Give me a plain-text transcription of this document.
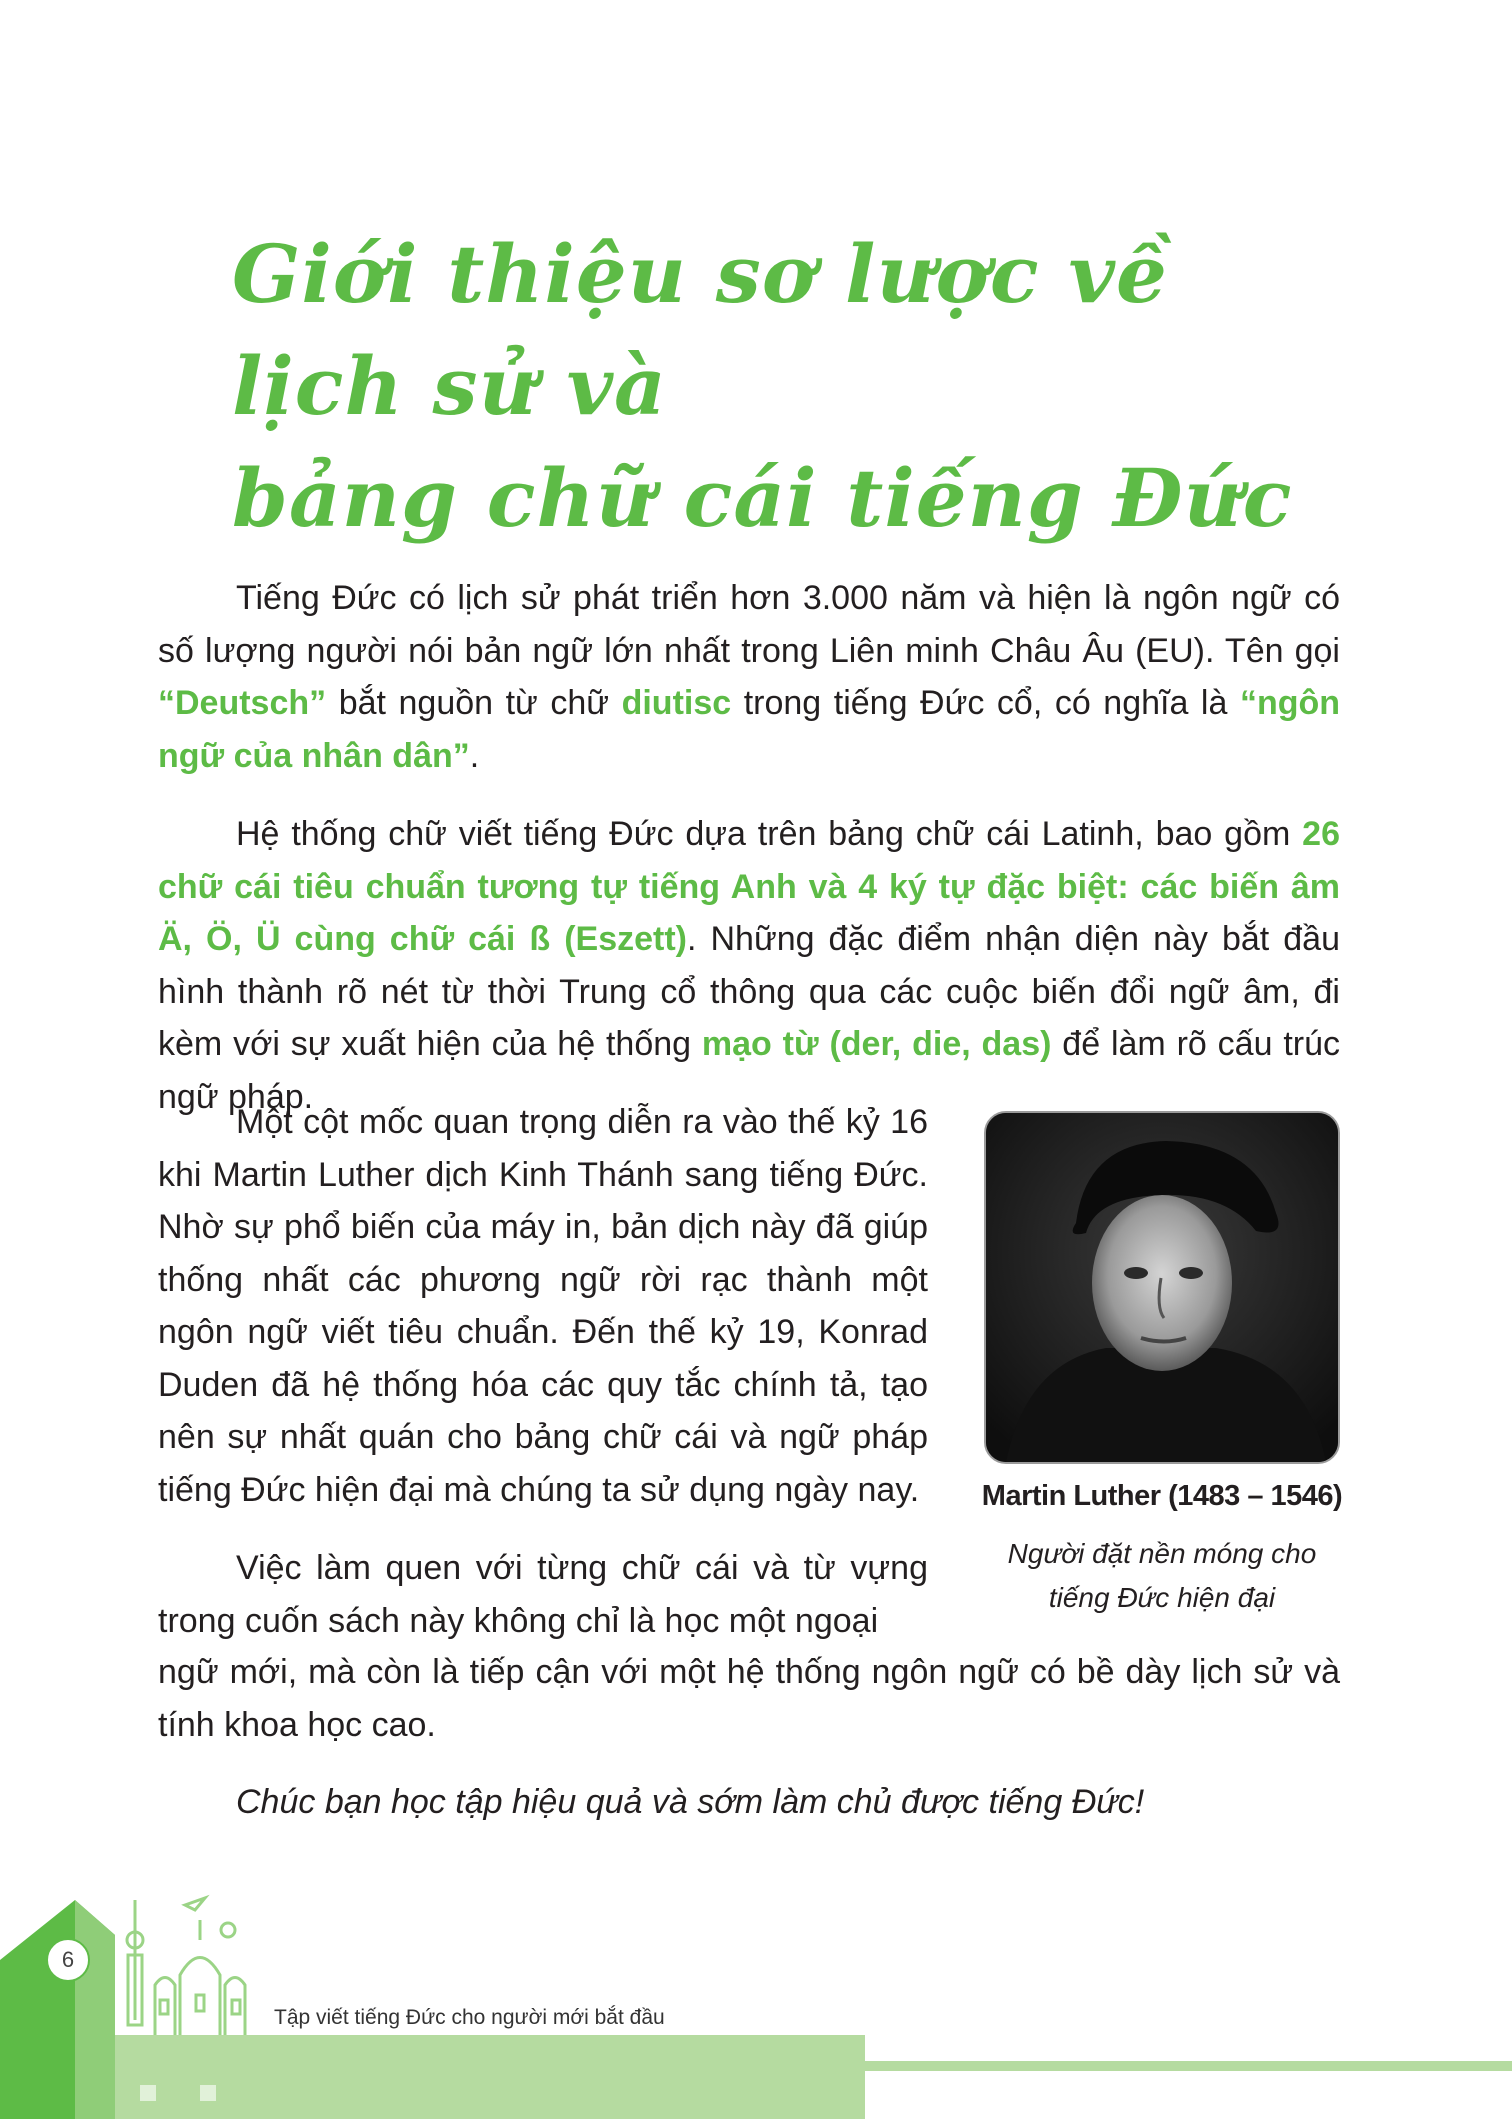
Giới thiệu sơ lược về lịch sử và
bảng chữ cái tiếng Đức

Tiếng Đức có lịch sử phát triển hơn 3.000 năm và hiện là ngôn ngữ có số lượng người nói bản ngữ lớn nhất trong Liên minh Châu Âu (EU). Tên gọi “Deutsch” bắt nguồn từ chữ diutisc trong tiếng Đức cổ, có nghĩa là “ngôn ngữ của nhân dân”.

Hệ thống chữ viết tiếng Đức dựa trên bảng chữ cái Latinh, bao gồm 26 chữ cái tiêu chuẩn tương tự tiếng Anh và 4 ký tự đặc biệt: các biến âm Ä, Ö, Ü cùng chữ cái ß (Eszett). Những đặc điểm nhận diện này bắt đầu hình thành rõ nét từ thời Trung cổ thông qua các cuộc biến đổi ngữ âm, đi kèm với sự xuất hiện của hệ thống mạo từ (der, die, das) để làm rõ cấu trúc ngữ pháp.

Một cột mốc quan trọng diễn ra vào thế kỷ 16 khi Martin Luther dịch Kinh Thánh sang tiếng Đức. Nhờ sự phổ biến của máy in, bản dịch này đã giúp thống nhất các phương ngữ rời rạc thành một ngôn ngữ viết tiêu chuẩn. Đến thế kỷ 19, Konrad Duden đã hệ thống hóa các quy tắc chính tả, tạo nên sự nhất quán cho bảng chữ cái và ngữ pháp tiếng Đức hiện đại mà chúng ta sử dụng ngày nay.

Việc làm quen với từng chữ cái và từ vựng trong cuốn sách này không chỉ là học một ngoại

ngữ mới, mà còn là tiếp cận với một hệ thống ngôn ngữ có bề dày lịch sử và tính khoa học cao.

Chúc bạn học tập hiệu quả và sớm làm chủ được tiếng Đức!

Martin Luther (1483 – 1546)

Người đặt nền móng cho
tiếng Đức hiện đại

6

Tập viết tiếng Đức cho người mới bắt đầu
